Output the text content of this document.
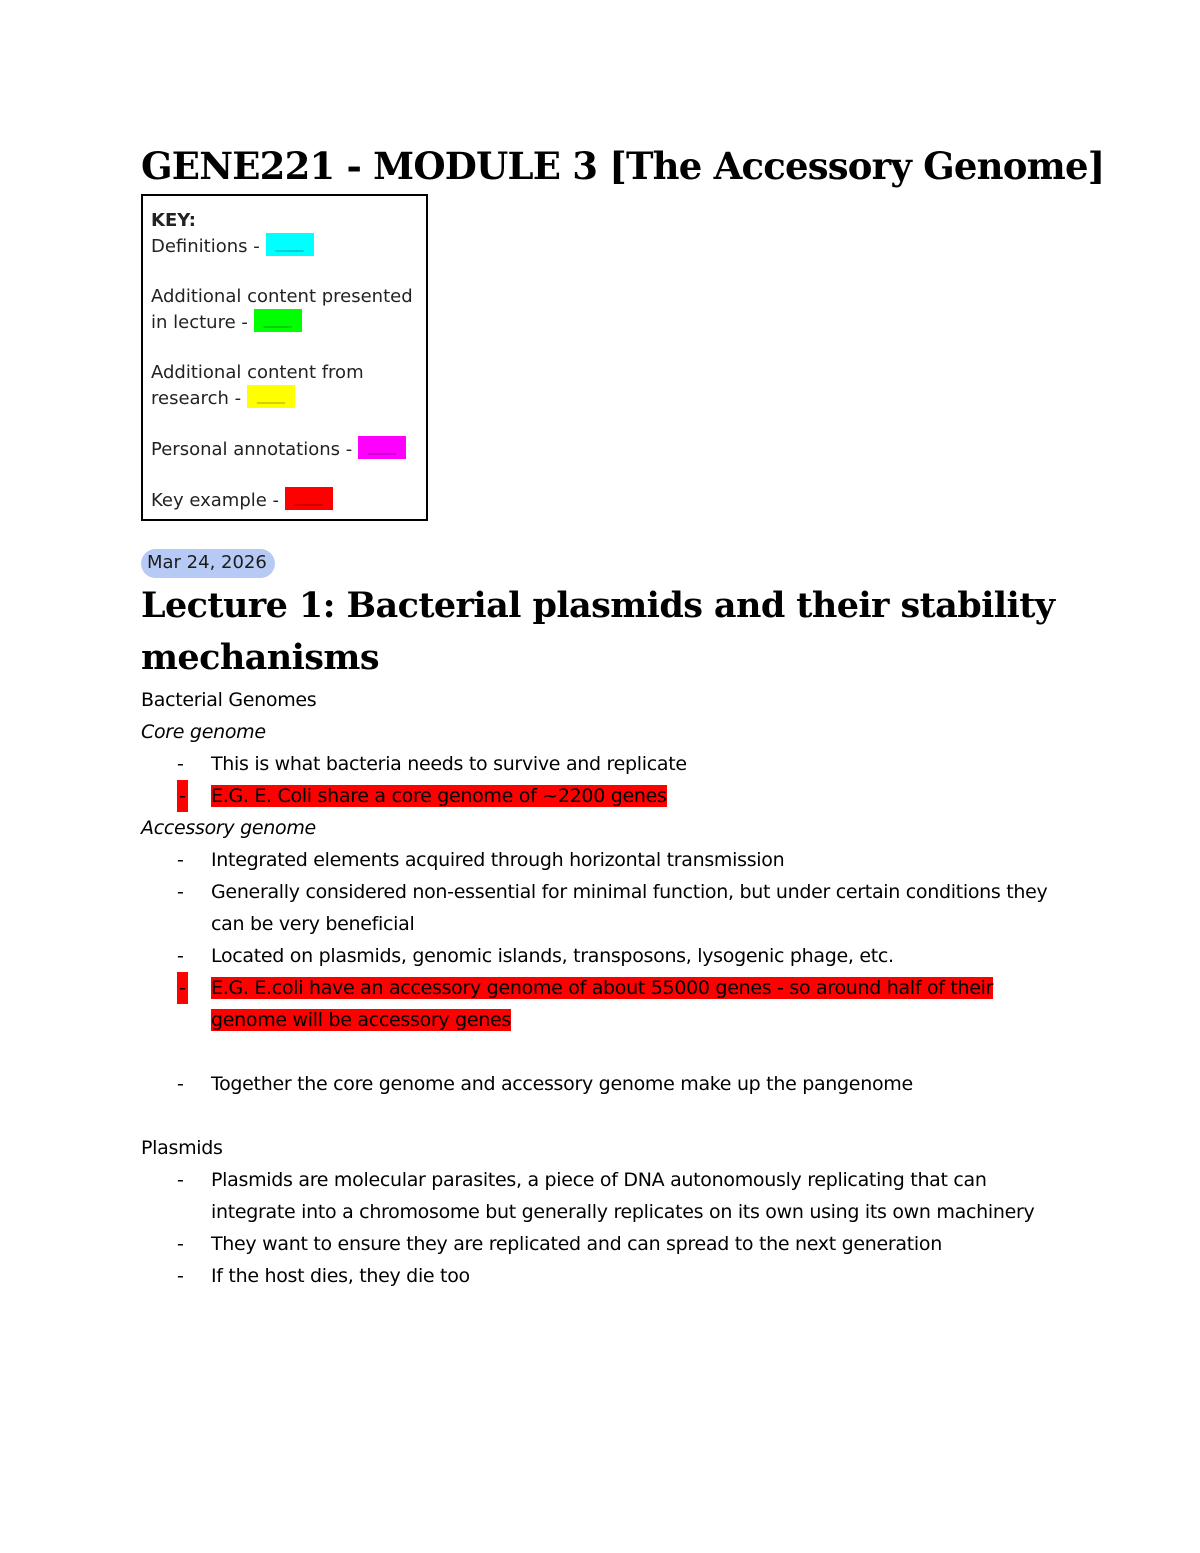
GENE221 - MODULE 3 [The Accessory Genome]
KEY:

Definitions - ____

Additional content presented in lecture - ____

Additional content from research - ____

Personal annotations - ____

Key example - ____

Mar 24, 2026
Lecture 1: Bacterial plasmids and their stability mechanisms
Bacterial Genomes
Core genome
- This is what bacteria needs to survive and replicate
- E.G. E. Coli share a core genome of ~2200 genes
Accessory genome
- Integrated elements acquired through horizontal transmission
- Generally considered non-essential for minimal function, but under certain conditions they can be very beneficial
- Located on plasmids, genomic islands, transposons, lysogenic phage, etc.
- E.G. E.coli have an accessory genome of about 55000 genes - so around half of their genome will be accessory genes
- Together the core genome and accessory genome make up the pangenome
Plasmids
- Plasmids are molecular parasites, a piece of DNA autonomously replicating that can integrate into a chromosome but generally replicates on its own using its own machinery
- They want to ensure they are replicated and can spread to the next generation
- If the host dies, they die too
